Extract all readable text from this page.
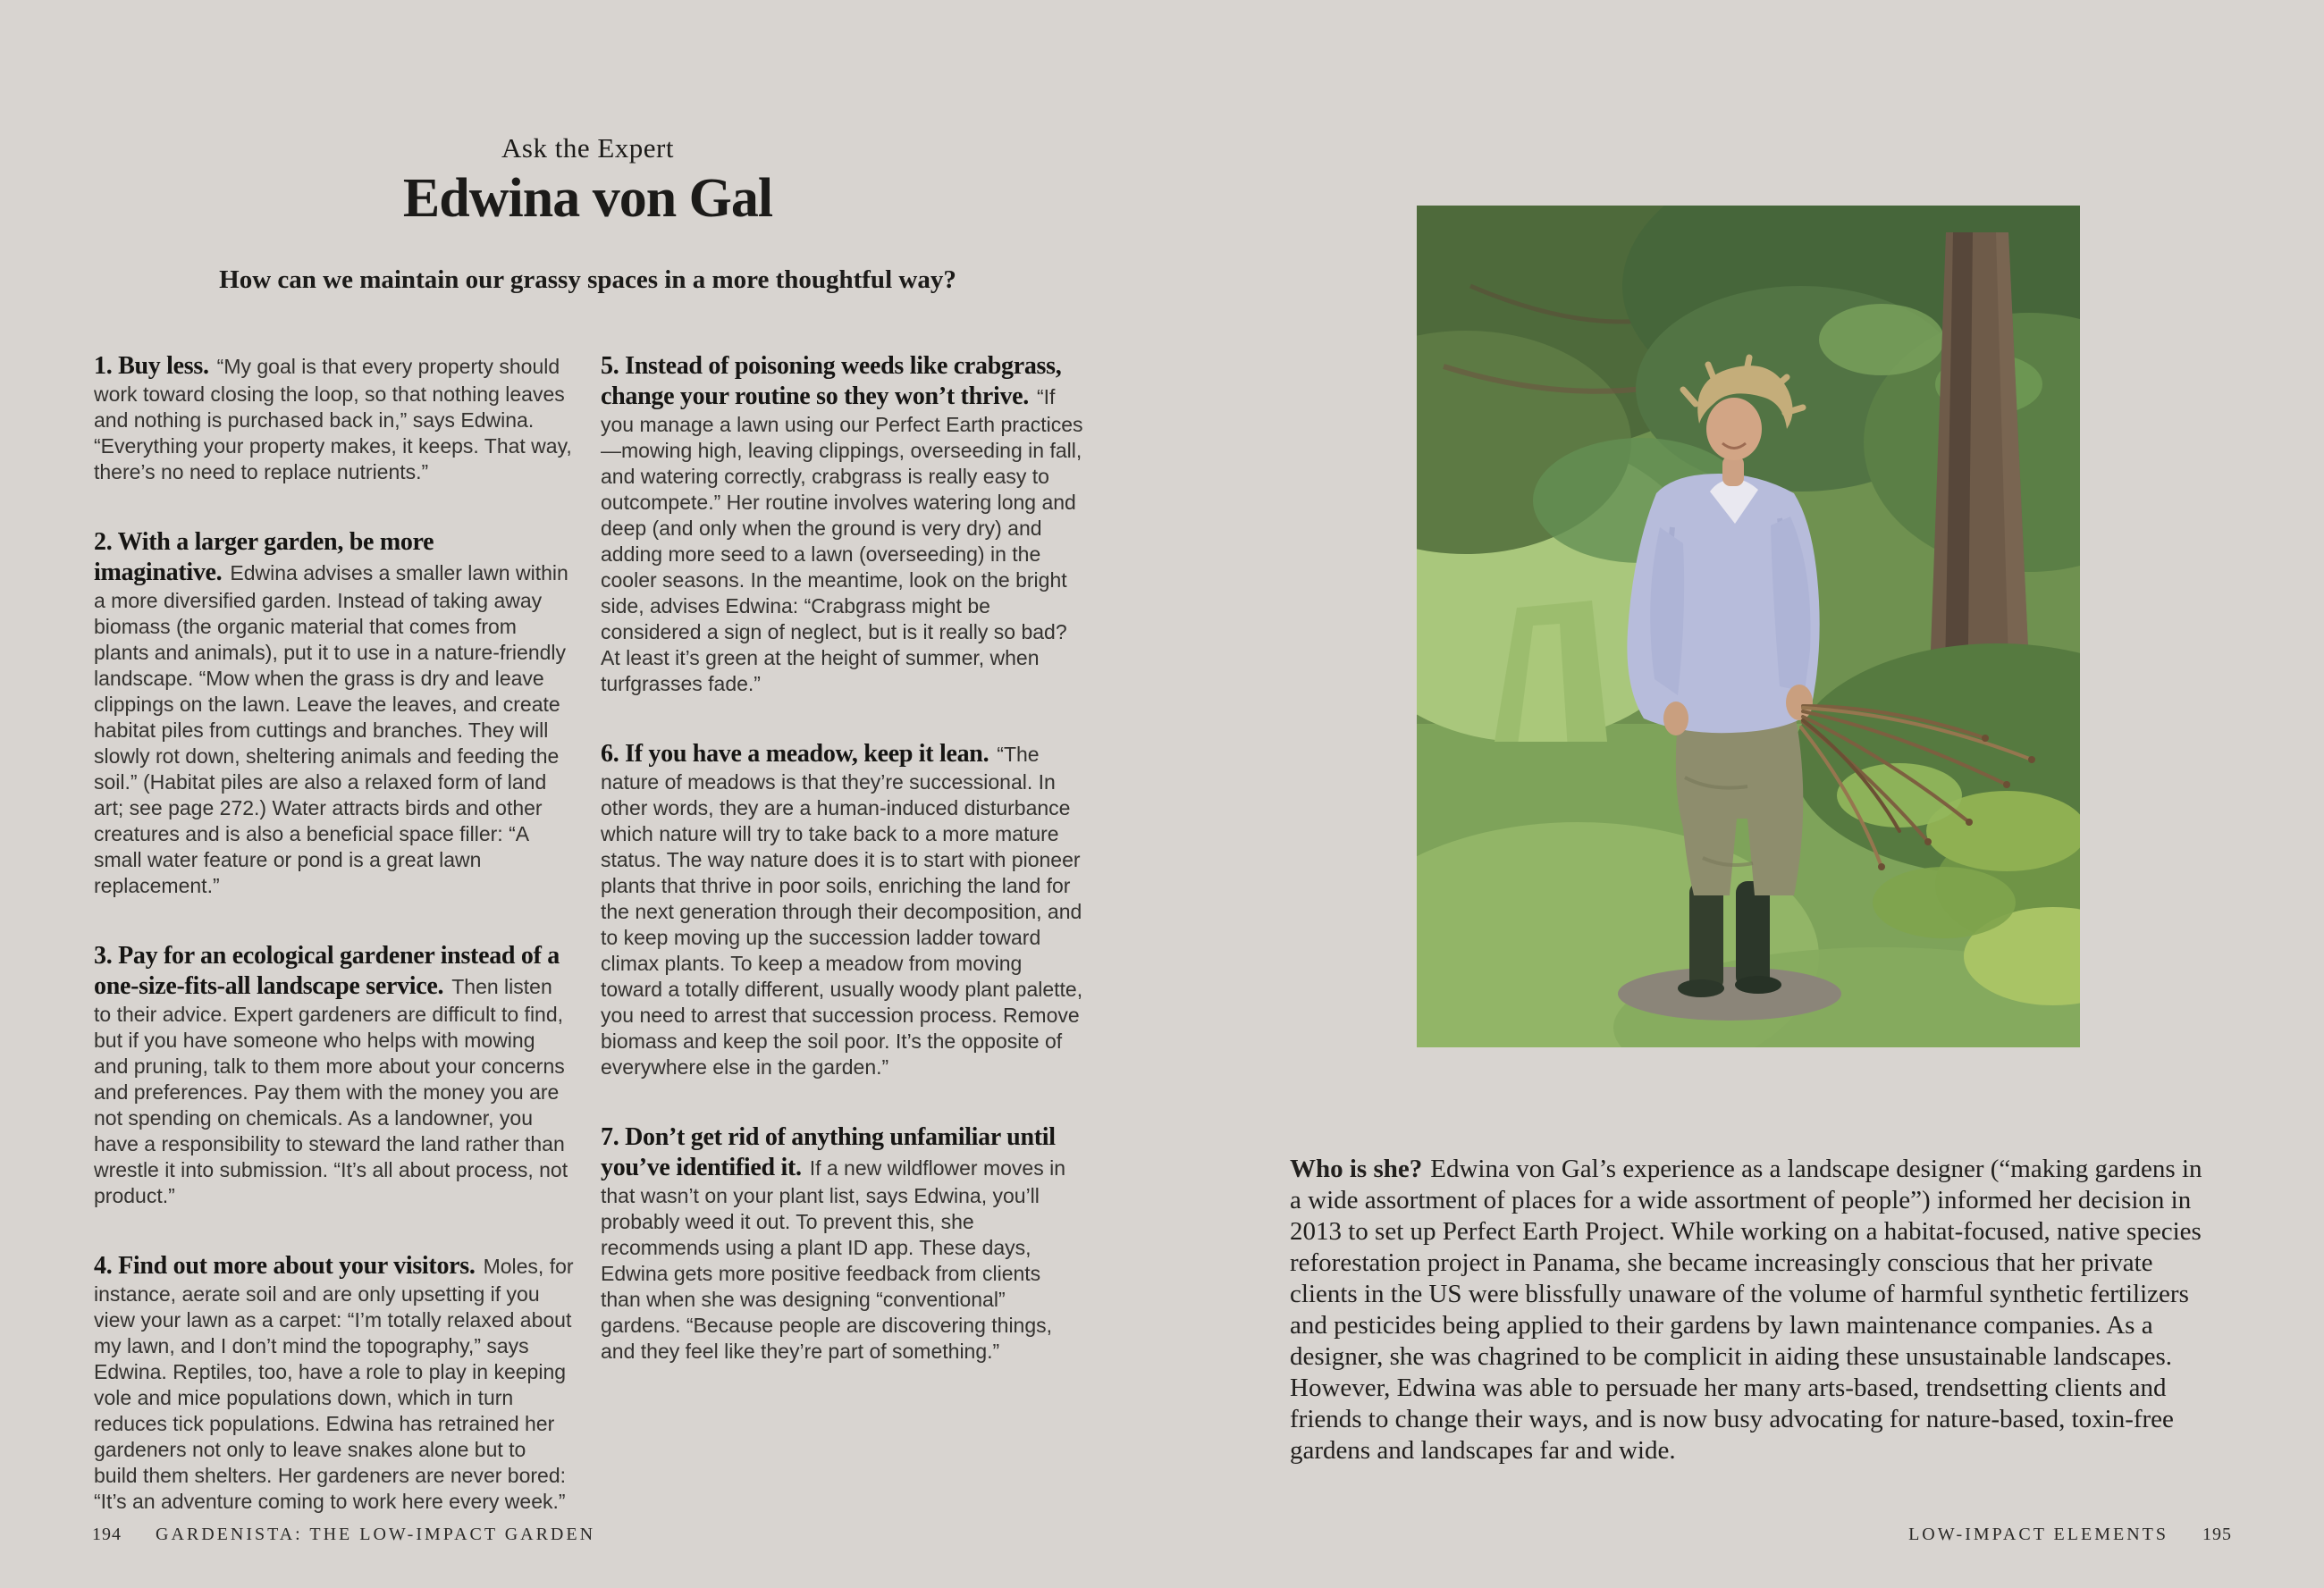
Ask the Expert
Edwina von Gal
How can we maintain our grassy spaces in a more thoughtful way?

1. Buy less. “My goal is that every property should work toward closing the loop, so that nothing leaves and nothing is purchased back in,” says Edwina. “Everything your property makes, it keeps. That way, there’s no need to replace nutrients.”

2. With a larger garden, be more imaginative. Edwina advises a smaller lawn within a more diversified garden. Instead of taking away biomass (the organic material that comes from plants and animals), put it to use in a nature-friendly landscape. “Mow when the grass is dry and leave clippings on the lawn. Leave the leaves, and create habitat piles from cuttings and branches. They will slowly rot down, sheltering animals and feeding the soil.” (Habitat piles are also a relaxed form of land art; see page 272.) Water attracts birds and other creatures and is also a beneficial space filler: “A small water feature or pond is a great lawn replacement.”

3. Pay for an ecological gardener instead of a one-size-fits-all landscape service. Then listen to their advice. Expert gardeners are difficult to find, but if you have someone who helps with mowing and pruning, talk to them more about your concerns and preferences. Pay them with the money you are not spending on chemicals. As a landowner, you have a responsibility to steward the land rather than wrestle it into submission. “It’s all about process, not product.”

4. Find out more about your visitors. Moles, for instance, aerate soil and are only upsetting if you view your lawn as a carpet: “I’m totally relaxed about my lawn, and I don’t mind the topography,” says Edwina. Reptiles, too, have a role to play in keeping vole and mice populations down, which in turn reduces tick populations. Edwina has retrained her gardeners not only to leave snakes alone but to build them shelters. Her gardeners are never bored: “It’s an adventure coming to work here every week.”

5. Instead of poisoning weeds like crabgrass, change your routine so they won’t thrive. “If you manage a lawn using our Perfect Earth practices—mowing high, leaving clippings, overseeding in fall, and watering correctly, crabgrass is really easy to outcompete.” Her routine involves watering long and deep (and only when the ground is very dry) and adding more seed to a lawn (overseeding) in the cooler seasons. In the meantime, look on the bright side, advises Edwina: “Crabgrass might be considered a sign of neglect, but is it really so bad? At least it’s green at the height of summer, when turfgrasses fade.”

6. If you have a meadow, keep it lean. “The nature of meadows is that they’re successional. In other words, they are a human-induced disturbance which nature will try to take back to a more mature status. The way nature does it is to start with pioneer plants that thrive in poor soils, enriching the land for the next generation through their decomposition, and to keep moving up the succession ladder toward climax plants. To keep a meadow from moving toward a totally different, usually woody plant palette, you need to arrest that succession process. Remove biomass and keep the soil poor. It’s the opposite of everywhere else in the garden.”

7. Don’t get rid of anything unfamiliar until you’ve identified it. If a new wildflower moves in that wasn’t on your plant list, says Edwina, you’ll probably weed it out. To prevent this, she recommends using a plant ID app. These days, Edwina gets more positive feedback from clients than when she was designing “conventional” gardens. “Because people are discovering things, and they feel like they’re part of something.”

Who is she? Edwina von Gal’s experience as a landscape designer (“making gardens in a wide assortment of places for a wide assortment of people”) informed her decision in 2013 to set up Perfect Earth Project. While working on a habitat-focused, native species reforestation project in Panama, she became increasingly conscious that her private clients in the US were blissfully unaware of the volume of harmful synthetic fertilizers and pesticides being applied to their gardens by lawn maintenance companies. As a designer, she was chagrined to be complicit in aiding these unsustainable landscapes. However, Edwina was able to persuade her many arts-based, trendsetting clients and friends to change their ways, and is now busy advocating for nature-based, toxin-free gardens and landscapes far and wide.

194 GARDENISTA: THE LOW-IMPACT GARDEN	LOW-IMPACT ELEMENTS 195
